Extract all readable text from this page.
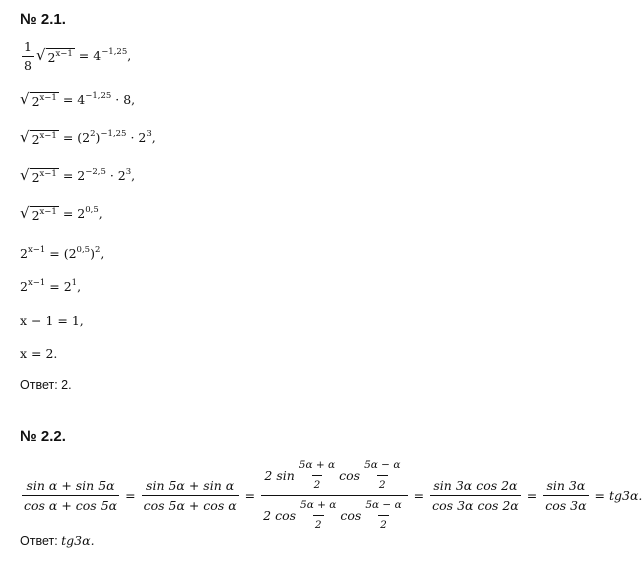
№ 2.1.
$\frac{1}{8}$ √ $2^{x-1} = 4^{-1,25}$,
√ $2^{x-1} = 4^{-1,25} \cdot 8$,
√ $2^{x-1} = (2^2)^{-1,25} \cdot 2^3$,
√ $2^{x-1} = 2^{-2,5} \cdot 2^3$,
√ $2^{x-1} = 2^{0,5}$,
$2^{x-1} = (2^{0,5})^2$,
$2^{x-1} = 2^1$,
x − 1 = 1,
x = 2.
Ответ: 2.
№ 2.2.
$\frac{\text{sin α + sin 5α}}{\text{cos α + cos 5α}} = \frac{\text{sin 5α + sin α}}{\text{cos 5α + cos α}} = \frac{2 \sin \frac{5\alpha + \alpha}{2} \cos \frac{5\alpha - \alpha}{2}}{2 \cos \frac{5\alpha + \alpha}{2} \cos \frac{5\alpha - \alpha}{2}} = \frac{\text{sin 3α cos 2α}}{\text{cos 3α cos 2α}} = \frac{\sin 3\alpha}{\cos 3\alpha} = tg3\alpha$.
Ответ: tg3α.
